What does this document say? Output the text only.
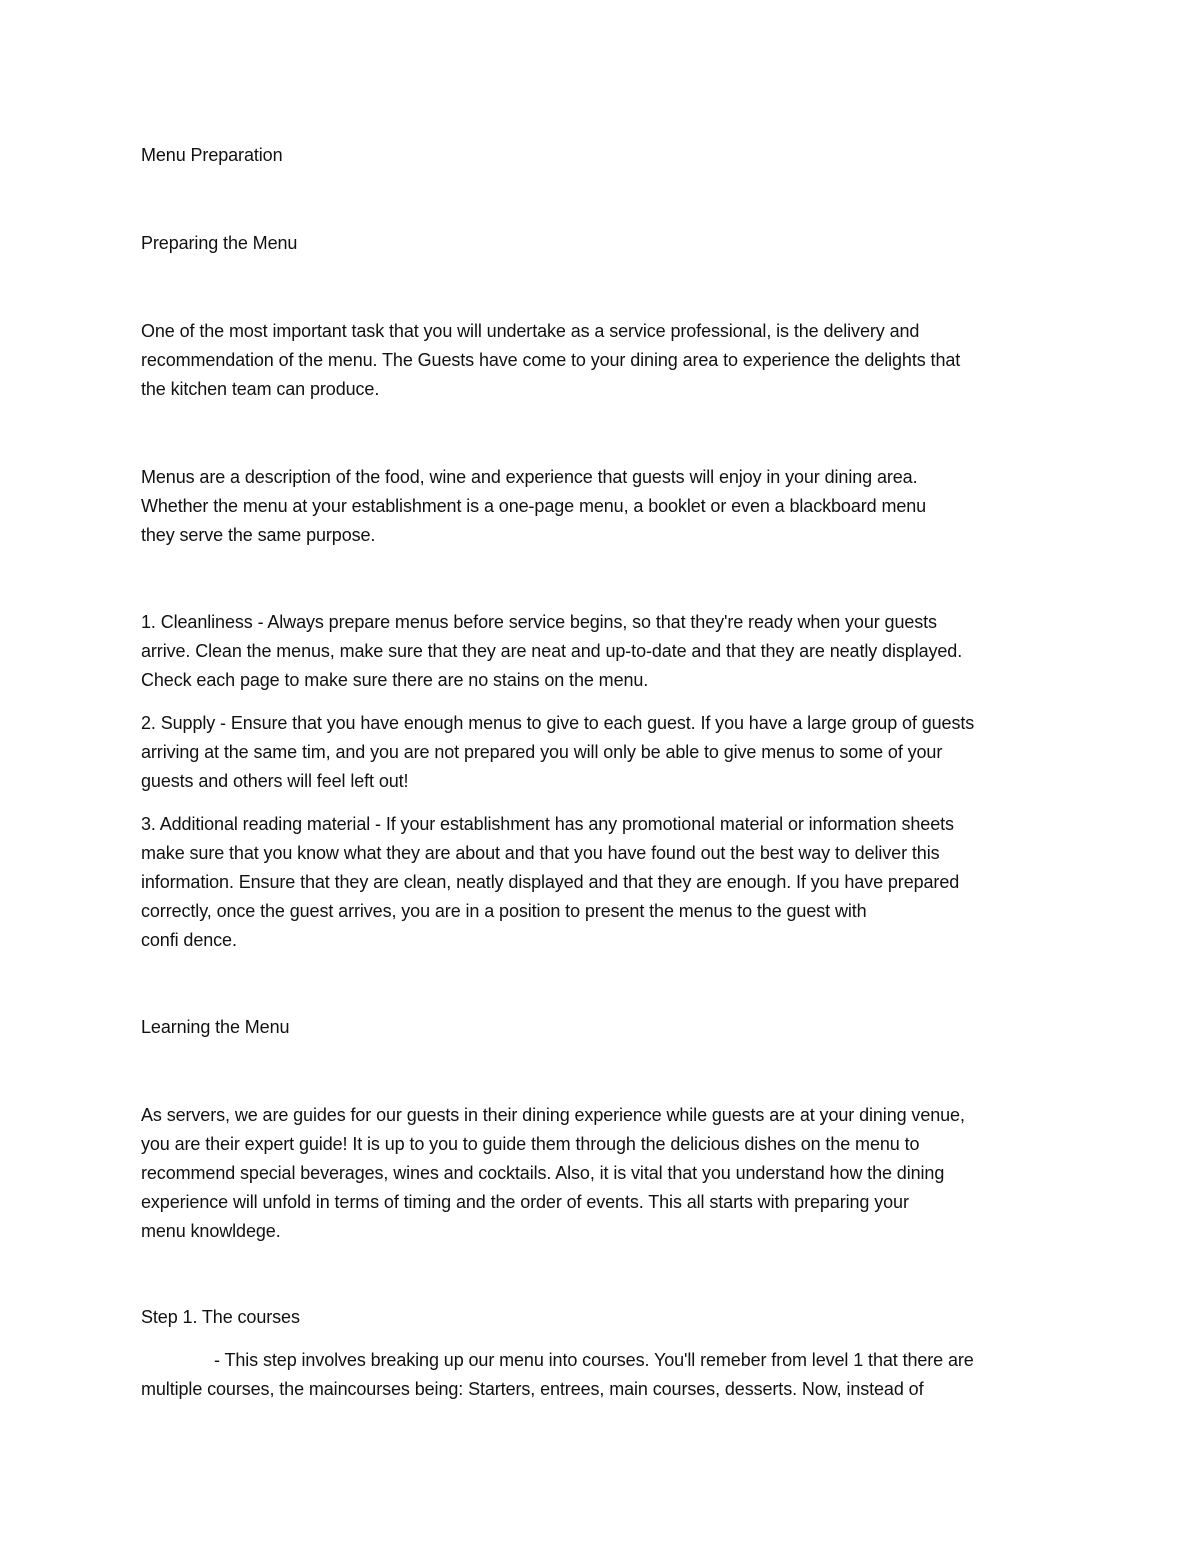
Menu Preparation

Preparing the Menu

One of the most important task that you will undertake as a service professional, is the delivery and
recommendation of the menu. The Guests have come to your dining area to experience the delights that
the kitchen team can produce.
Menus are a description of the food, wine and experience that guests will enjoy in your dining area.
Whether the menu at your establishment is a one-page menu, a booklet or even a blackboard menu
they serve the same purpose.
1. Cleanliness - Always prepare menus before service begins, so that they're ready when your guests
arrive. Clean the menus, make sure that they are neat and up-to-date and that they are neatly displayed.
Check each page to make sure there are no stains on the menu.
2. Supply - Ensure that you have enough menus to give to each guest. If you have a large group of guests
arriving at the same tim, and you are not prepared you will only be able to give menus to some of your
guests and others will feel left out!
3. Additional reading material - If your establishment has any promotional material or information sheets
make sure that you know what they are about and that you have found out the best way to deliver this
information. Ensure that they are clean, neatly displayed and that they are enough. If you have prepared
correctly, once the guest arrives, you are in a position to present the menus to the guest with
confi dence.

Learning the Menu

As servers, we are guides for our guests in their dining experience while guests are at your dining venue,
you are their expert guide! It is up to you to guide them through the delicious dishes on the menu to
recommend special beverages, wines and cocktails. Also, it is vital that you understand how the dining
experience will unfold in terms of timing and the order of events. This all starts with preparing your
menu knowldege.

Step 1. The courses

- This step involves breaking up our menu into courses. You'll remeber from level 1 that there are
multiple courses, the maincourses being: Starters, entrees, main courses, desserts. Now, instead of
